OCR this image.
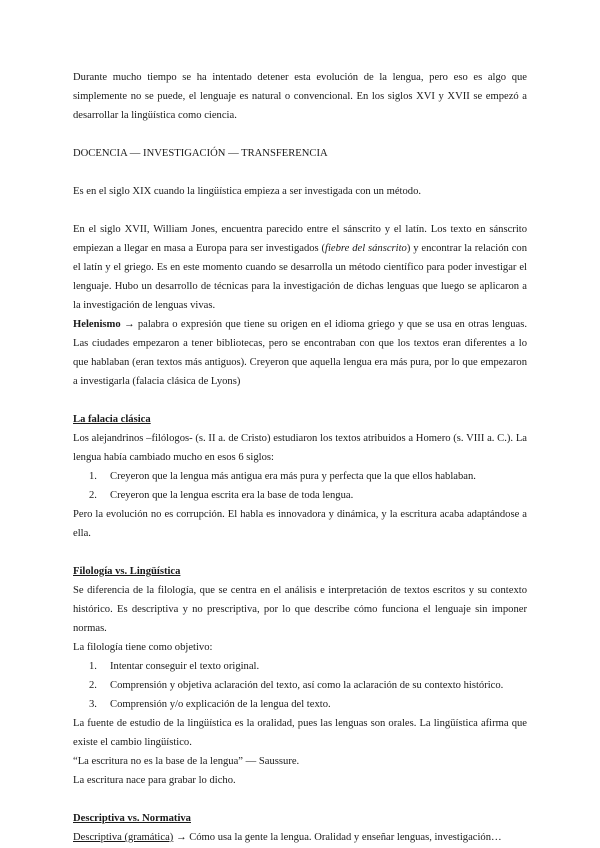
Durante mucho tiempo se ha intentado detener esta evolución de la lengua, pero eso es algo que simplemente no se puede, el lenguaje es natural o convencional. En los siglos XVI y XVII se empezó a desarrollar la lingüística como ciencia.

DOCENCIA — INVESTIGACIÓN — TRANSFERENCIA

Es en el siglo XIX cuando la lingüística empieza a ser investigada con un método.

En el siglo XVII, William Jones, encuentra parecido entre el sánscrito y el latín. Los texto en sánscrito empiezan a llegar en masa a Europa para ser investigados (fiebre del sánscrito) y encontrar la relación con el latín y el griego. Es en este momento cuando se desarrolla un método científico para poder investigar el lenguaje. Hubo un desarrollo de técnicas para la investigación de dichas lenguas que luego se aplicaron a la investigación de lenguas vivas.

Helenismo → palabra o expresión que tiene su origen en el idioma griego y que se usa en otras lenguas. Las ciudades empezaron a tener bibliotecas, pero se encontraban con que los textos eran diferentes a lo que hablaban (eran textos más antiguos). Creyeron que aquella lengua era más pura, por lo que empezaron a investigarla (falacia clásica de Lyons)

La falacia clásica

Los alejandrinos –filólogos- (s. II a. de Cristo) estudiaron los textos atribuidos a Homero (s. VIII a. C.). La lengua había cambiado mucho en esos 6 siglos:

1. Creyeron que la lengua más antigua era más pura y perfecta que la que ellos hablaban.
2. Creyeron que la lengua escrita era la base de toda lengua.

Pero la evolución no es corrupción. El habla es innovadora y dinámica, y la escritura acaba adaptándose a ella.

Filología vs. Lingüística

Se diferencia de la filología, que se centra en el análisis e interpretación de textos escritos y su contexto histórico. Es descriptiva y no prescriptiva, por lo que describe cómo funciona el lenguaje sin imponer normas.

La filología tiene como objetivo:

1. Intentar conseguir el texto original.
2. Comprensión y objetiva aclaración del texto, así como la aclaración de su contexto histórico.
3. Comprensión y/o explicación de la lengua del texto.

La fuente de estudio de la lingüística es la oralidad, pues las lenguas son orales. La lingüística afirma que existe el cambio lingüístico.

“La escritura no es la base de la lengua” — Saussure.

La escritura nace para grabar lo dicho.

Descriptiva vs. Normativa

Descriptiva (gramática) → Cómo usa la gente la lengua. Oralidad y enseñar lenguas, investigación…
